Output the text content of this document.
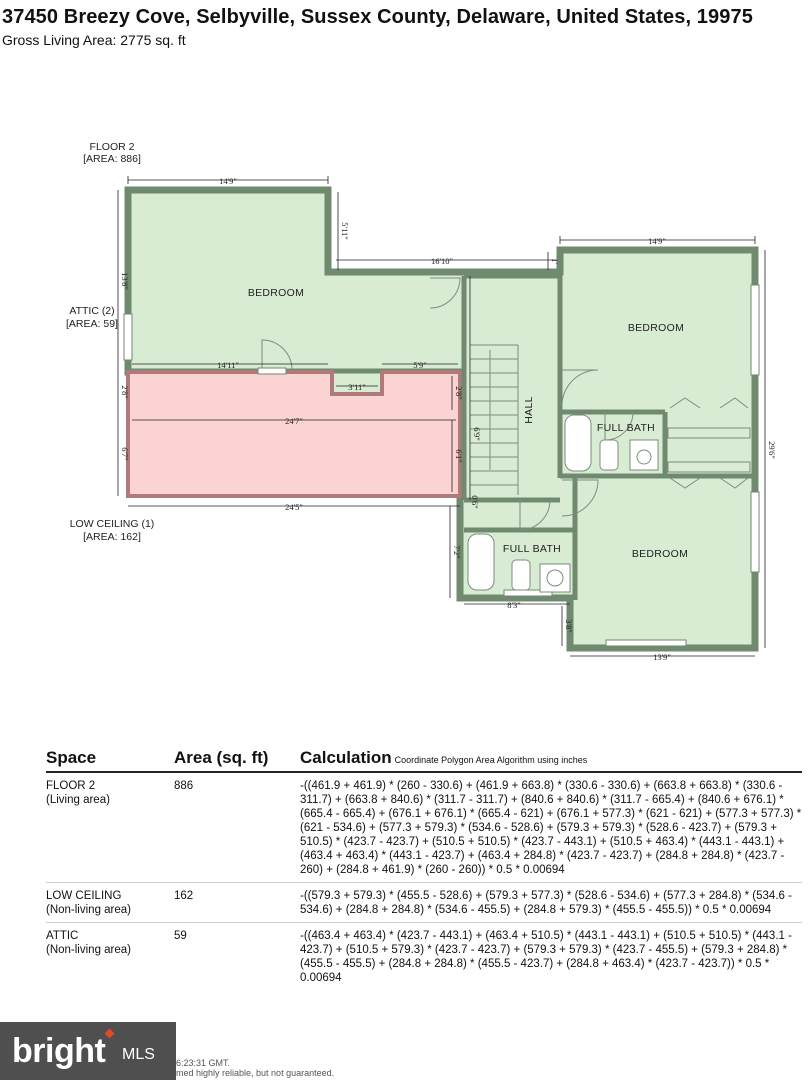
37450 Breezy Cove, Selbyville, Sussex County, Delaware, United States, 19975
Gross Living Area: 2775 sq. ft
FLOOR 2
[AREA: 886]
ATTIC (2)
[AREA: 59]
LOW CEILING (1)
[AREA: 162]
BEDROOM
BEDROOM
BEDROOM
FULL BATH
FULL BATH
HALL
14'9"
16'10"
14'9"
5'11"
1'
13'8"
2'8"
6'7"
14'11"	5'9"
3'11"
24'7"
24'5"
2'8"
6'1"
6'9"
0'6"
7'2"
8'3"
3'8"
13'9"
29'6"
Space	Area (sq. ft)	Calculation Coordinate Polygon Area Algorithm using inches
FLOOR 2
(Living area)
886	-((461.9 + 461.9) * (260 - 330.6) + (461.9 + 663.8) * (330.6 - 330.6) + (663.8 + 663.8) * (330.6 - 311.7) + (663.8 + 840.6) * (311.7 - 311.7) + (840.6 + 840.6) * (311.7 - 665.4) + (840.6 + 676.1) * (665.4 - 665.4) + (676.1 + 676.1) * (665.4 - 621) + (676.1 + 577.3) * (621 - 621) + (577.3 + 577.3) * (621 - 534.6) + (577.3 + 579.3) * (534.6 - 528.6) + (579.3 + 579.3) * (528.6 - 423.7) + (579.3 + 510.5) * (423.7 - 423.7) + (510.5 + 510.5) * (423.7 - 443.1) + (510.5 + 463.4) * (443.1 - 443.1) + (463.4 + 463.4) * (443.1 - 423.7) + (463.4 + 284.8) * (423.7 - 423.7) + (284.8 + 284.8) * (423.7 - 260) + (284.8 + 461.9) * (260 - 260)) * 0.5 * 0.00694
LOW CEILING
(Non-living area)
162	-((579.3 + 579.3) * (455.5 - 528.6) + (579.3 + 577.3) * (528.6 - 534.6) + (577.3 + 284.8) * (534.6 - 534.6) + (284.8 + 284.8) * (534.6 - 455.5) + (284.8 + 579.3) * (455.5 - 455.5)) * 0.5 * 0.00694
ATTIC
(Non-living area)
59	-((463.4 + 463.4) * (423.7 - 443.1) + (463.4 + 510.5) * (443.1 - 443.1) + (510.5 + 510.5) * (443.1 - 423.7) + (510.5 + 579.3) * (423.7 - 423.7) + (579.3 + 579.3) * (423.7 - 455.5) + (579.3 + 284.8) * (455.5 - 455.5) + (284.8 + 284.8) * (455.5 - 423.7) + (284.8 + 463.4) * (423.7 - 423.7)) * 0.5 * 0.00694
bright MLS 6:23:31 GMT.
med highly reliable, but not guaranteed.
